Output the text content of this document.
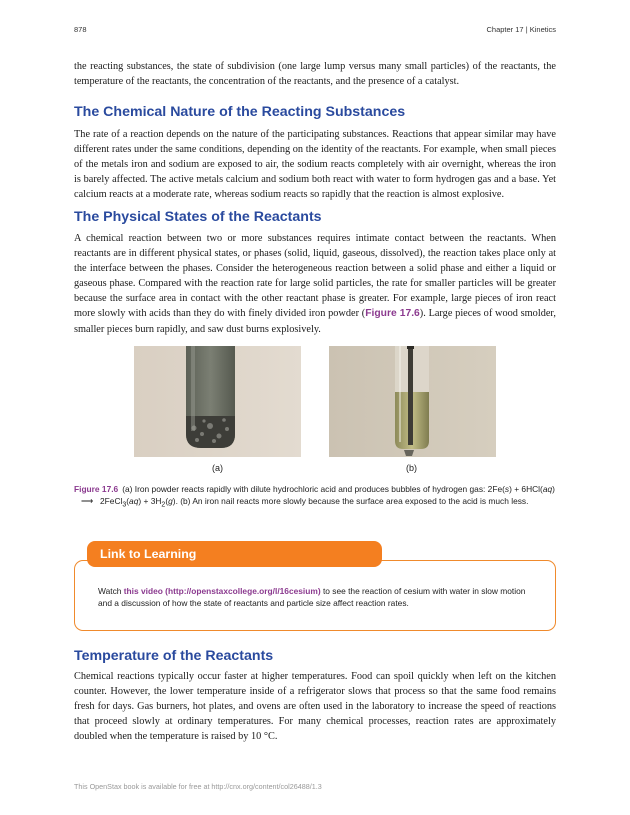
878	Chapter 17 | Kinetics

the reacting substances, the state of subdivision (one large lump versus many small particles) of the reactants, the temperature of the reactants, the concentration of the reactants, and the presence of a catalyst.

The Chemical Nature of the Reacting Substances

The rate of a reaction depends on the nature of the participating substances. Reactions that appear similar may have different rates under the same conditions, depending on the identity of the reactants. For example, when small pieces of the metals iron and sodium are exposed to air, the sodium reacts completely with air overnight, whereas the iron is barely affected. The active metals calcium and sodium both react with water to form hydrogen gas and a base. Yet calcium reacts at a moderate rate, whereas sodium reacts so rapidly that the reaction is almost explosive.

The Physical States of the Reactants

A chemical reaction between two or more substances requires intimate contact between the reactants. When reactants are in different physical states, or phases (solid, liquid, gaseous, dissolved), the reaction takes place only at the interface between the phases. Consider the heterogeneous reaction between a solid phase and either a liquid or gaseous phase. Compared with the reaction rate for large solid particles, the rate for smaller particles will be greater because the surface area in contact with the other reactant phase is greater. For example, large pieces of iron react more slowly with acids than they do with finely divided iron powder (Figure 17.6). Large pieces of wood smolder, smaller pieces burn rapidly, and saw dust burns explosively.

(a)	(b)

Figure 17.6 (a) Iron powder reacts rapidly with dilute hydrochloric acid and produces bubbles of hydrogen gas: 2Fe(s) + 6HCl(aq) ⟶ 2FeCl$_3$(aq) + $3H_2(g)$. (b) An iron nail reacts more slowly because the surface area exposed to the acid is much less.

Link to Learning

Watch this video (http://openstaxcollege.org/l/16cesium) to see the reaction of cesium with water in slow motion and a discussion of how the state of reactants and particle size affect reaction rates.

Temperature of the Reactants

Chemical reactions typically occur faster at higher temperatures. Food can spoil quickly when left on the kitchen counter. However, the lower temperature inside of a refrigerator slows that process so that the same food remains fresh for days. Gas burners, hot plates, and ovens are often used in the laboratory to increase the speed of reactions that proceed slowly at ordinary temperatures. For many chemical processes, reaction rates are approximately doubled when the temperature is raised by 10 °C.

This OpenStax book is available for free at http://cnx.org/content/col26488/1.3
